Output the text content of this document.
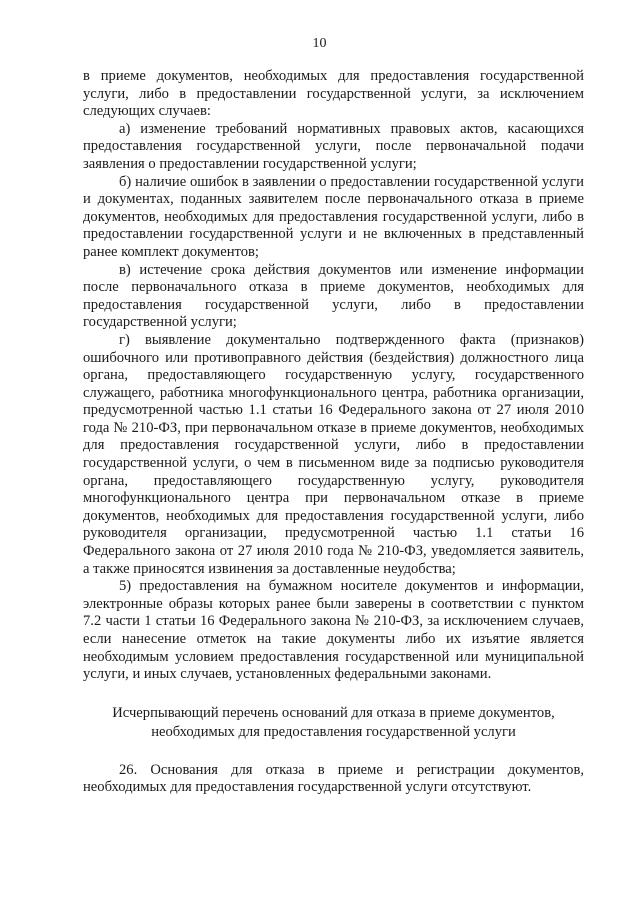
10

в приеме документов, необходимых для предоставления государственной услуги, либо в предоставлении государственной услуги, за исключением следующих случаев:

а) изменение требований нормативных правовых актов, касающихся предоставления государственной услуги, после первоначальной подачи заявления о предоставлении государственной услуги;

б) наличие ошибок в заявлении о предоставлении государственной услуги и документах, поданных заявителем после первоначального отказа в приеме документов, необходимых для предоставления государственной услуги, либо в предоставлении государственной услуги и не включенных в представленный ранее комплект документов;

в) истечение срока действия документов или изменение информации после первоначального отказа в приеме документов, необходимых для предоставления государственной услуги, либо в предоставлении государственной услуги;

г) выявление документально подтвержденного факта (признаков) ошибочного или противоправного действия (бездействия) должностного лица органа, предоставляющего государственную услугу, государственного служащего, работника многофункционального центра, работника организации, предусмотренной частью 1.1 статьи 16 Федерального закона от 27 июля 2010 года № 210-ФЗ, при первоначальном отказе в приеме документов, необходимых для предоставления государственной услуги, либо в предоставлении государственной услуги, о чем в письменном виде за подписью руководителя органа, предоставляющего государственную услугу, руководителя многофункционального центра при первоначальном отказе в приеме документов, необходимых для предоставления государственной услуги, либо руководителя организации, предусмотренной частью 1.1 статьи 16 Федерального закона от 27 июля 2010 года № 210-ФЗ, уведомляется заявитель, а также приносятся извинения за доставленные неудобства;

5) предоставления на бумажном носителе документов и информации, электронные образы которых ранее были заверены в соответствии с пунктом 7.2 части 1 статьи 16 Федерального закона № 210-ФЗ, за исключением случаев, если нанесение отметок на такие документы либо их изъятие является необходимым условием предоставления государственной или муниципальной услуги, и иных случаев, установленных федеральными законами.

Исчерпывающий перечень оснований для отказа в приеме документов, необходимых для предоставления государственной услуги

26. Основания для отказа в приеме и регистрации документов, необходимых для предоставления государственной услуги отсутствуют.
